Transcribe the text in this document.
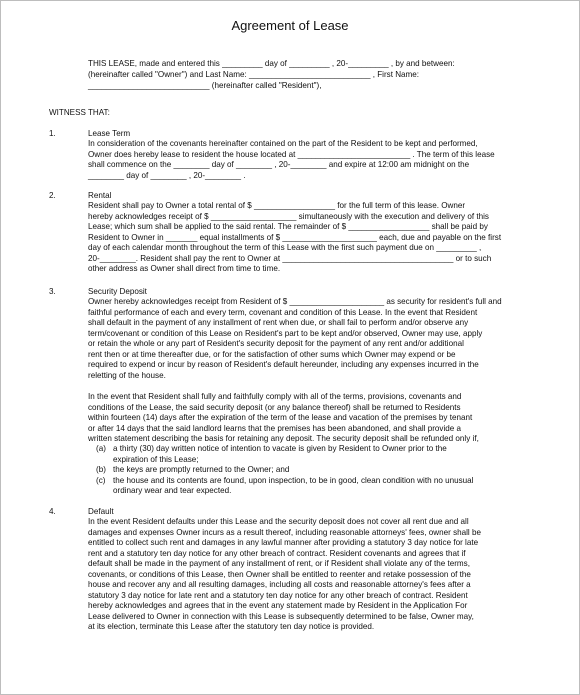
Agreement of Lease
THIS LEASE, made and entered this _________ day of _________ , 20-_________ , by and between:
(hereinafter called "Owner") and Last Name: ___________________________ , First Name:
___________________________ (hereinafter called "Resident"),
WITNESS THAT:
1.	Lease Term
In consideration of the covenants hereinafter contained on the part of the Resident to be kept and performed,
Owner does hereby lease to resident the house located at _________________________ . The term of this lease
shall commence on the ________ day of ________ , 20-________ and expire at 12:00 am midnight on the
________ day of ________ , 20-________ .
2.	Rental
Resident shall pay to Owner a total rental of $ __________________ for the full term of this lease. Owner
hereby acknowledges receipt of $ ___________________ simultaneously with the execution and delivery of this
Lease; which sum shall be applied to the said rental. The remainder of $ __________________ shall be paid by
Resident to Owner in _______ equal installments of $ _____________________ each, due and payable on the first
day of each calendar month throughout the term of this Lease with the first such payment due on _________ ,
20-________. Resident shall pay the rent to Owner at ______________________________________ or to such
other address as Owner shall direct from time to time.
3.	Security Deposit
Owner hereby acknowledges receipt from Resident of $ _____________________ as security for resident's full and
faithful performance of each and every term, covenant and condition of this Lease. In the event that Resident
shall default in the payment of any installment of rent when due, or shall fail to perform and/or observe any
term/covenant or condition of this Lease on Resident's part to be kept and/or observed, Owner may use, apply
or retain the whole or any part of Resident's security deposit for the payment of any rent and/or additional
rent then or at time thereafter due, or for the satisfaction of other sums which Owner may expend or be
required to expend or incur by reason of Resident's default hereunder, including any expenses incurred in the
reletting of the house.
In the event that Resident shall fully and faithfully comply with all of the terms, provisions, covenants and
conditions of the Lease, the said security deposit (or any balance thereof) shall be returned to Residents
within fourteen (14) days after the expiration of the term of the lease and vacation of the premises by tenant
or after 14 days that the said landlord learns that the premises has been abandoned, and shall provide a
written statement describing the basis for retaining any deposit. The security deposit shall be refunded only if,
(a) a thirty (30) day written notice of intention to vacate is given by Resident to Owner prior to the
expiration of this Lease;
(b) the keys are promptly returned to the Owner; and
(c) the house and its contents are found, upon inspection, to be in good, clean condition with no unusual
ordinary wear and tear expected.
4.	Default
In the event Resident defaults under this Lease and the security deposit does not cover all rent due and all
damages and expenses Owner incurs as a result thereof, including reasonable attorneys' fees, owner shall be
entitled to collect such rent and damages in any lawful manner after providing a statutory 3 day notice for late
rent and a statutory ten day notice for any other breach of contract. Resident covenants and agrees that if
default shall be made in the payment of any installment of rent, or if Resident shall violate any of the terms,
covenants, or conditions of this Lease, then Owner shall be entitled to reenter and retake possession of the
house and recover any and all resulting damages, including all costs and reasonable attorney's fees after a
statutory 3 day notice for late rent and a statutory ten day notice for any other breach of contract. Resident
hereby acknowledges and agrees that in the event any statement made by Resident in the Application For
Lease delivered to Owner in connection with this Lease is subsequently determined to be false, Owner may,
at its election, terminate this Lease after the statutory ten day notice is provided.
